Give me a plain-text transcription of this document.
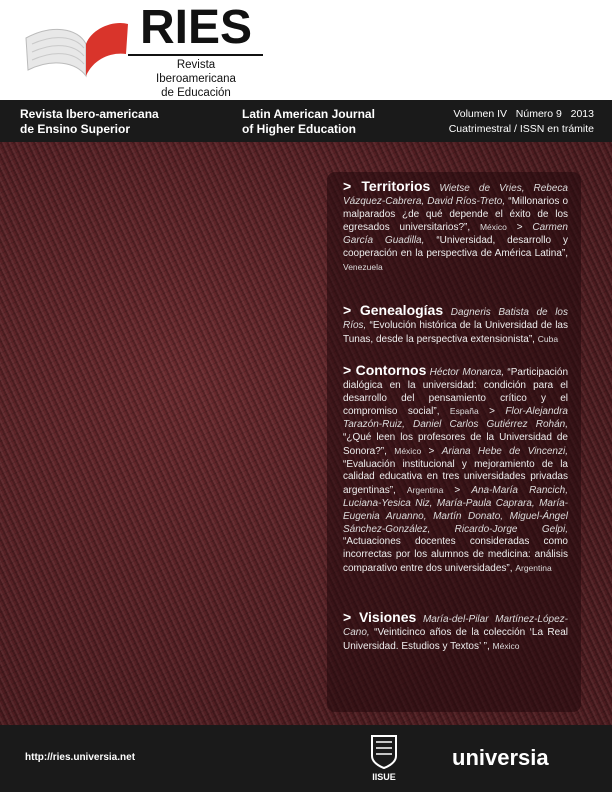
RIES
Revista Iberoamericana
de Educación
Revista Ibero-americana
de Ensino Superior
Latin American Journal
of Higher Education
Volumen IV   Número 9   2013
Cuatrimestral / ISSN en trámite
> Territorios Wietse de Vries, Rebeca Vázquez-Cabrera, David Ríos-Treto, “Millonarios o malparados ¿de qué depende el éxito de los egresados universitarios?”, México > Carmen García Guadilla, “Universidad, desarrollo y cooperación en la perspectiva de América Latina”, Venezuela
> Genealogías Dagneris Batista de los Ríos, “Evolución histórica de la Universidad de las Tunas, desde la perspectiva extensionista”, Cuba
> Contornos Héctor Monarca, “Participación dialógica en la universidad: condición para el desarrollo del pensamiento crítico y el compromiso social”, España > Flor-Alejandra Tarazón-Ruiz, Daniel Carlos Gutiérrez Rohán, “¿Qué leen los profesores de la Universidad de Sonora?”, México > Ariana Hebe de Vincenzi, “Evaluación institucional y mejoramiento de la calidad educativa en tres universidades privadas argentinas”, Argentina > Ana-María Rancich, Luciana-Yesica Niz, María-Paula Caprara, María-Eugenia Aruanno, Martín Donato, Miguel-Ángel Sánchez-González, Ricardo-Jorge Gelpi, “Actuaciones docentes consideradas como incorrectas por los alumnos de medicina: análisis comparativo entre dos universidades”, Argentina
> Visiones María-del-Pilar Martínez-López-Cano, “Veinticinco años de la colección ‘La Real Universidad. Estudios y Textos’ ”, México
http://ries.universia.net
IISUE
universia
